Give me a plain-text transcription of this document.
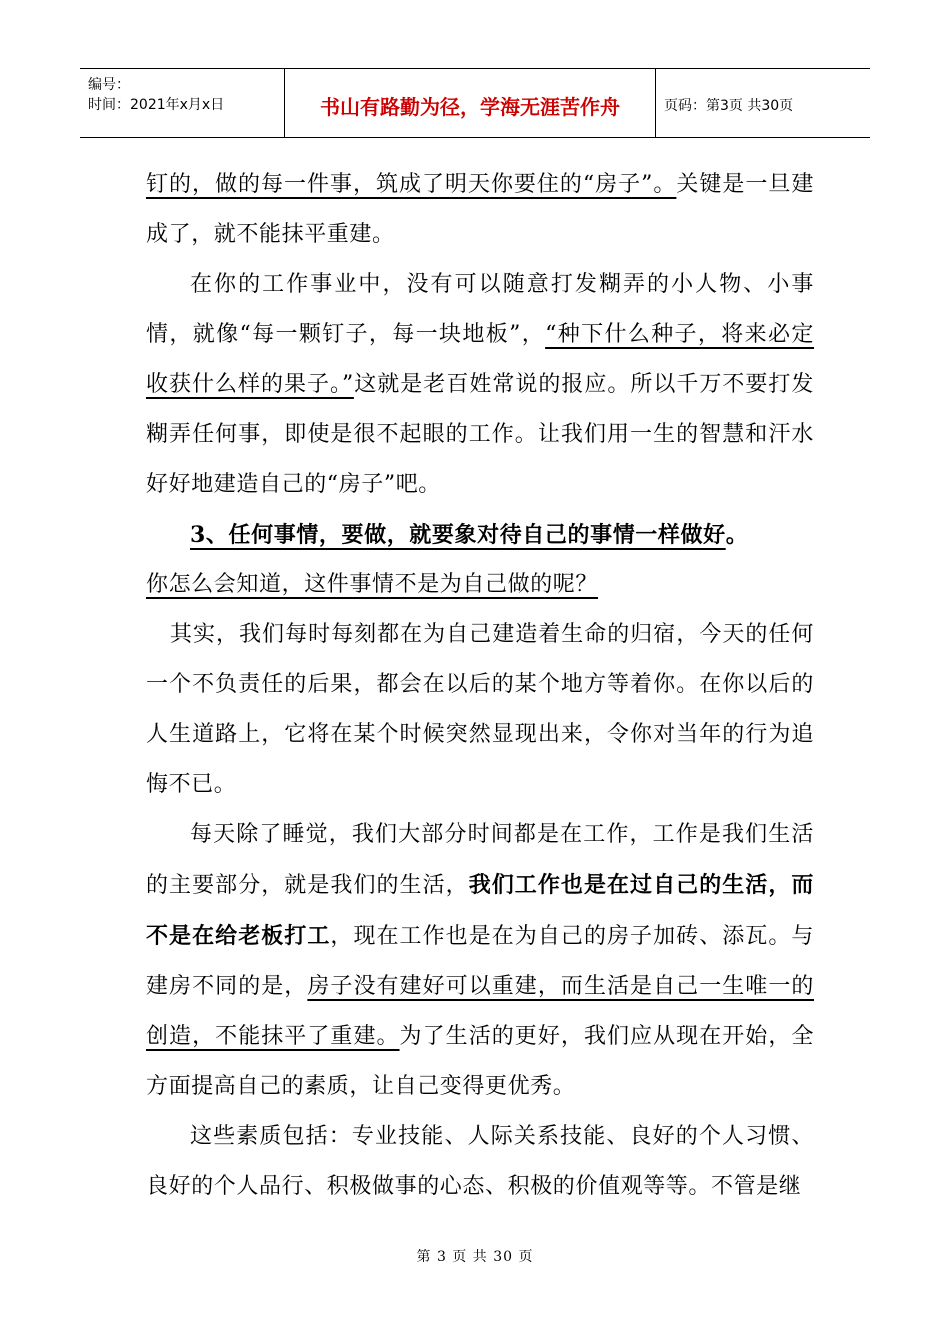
编号：
时间：2021年x月x日	书山有路勤为径，学海无涯苦作舟	页码：第3页 共30页

钉的，做的每一件事，筑成了明天你要住的“房子”。关键是一旦建成了，就不能抹平重建。

在你的工作事业中，没有可以随意打发糊弄的小人物、小事情，就像“每一颗钉子，每一块地板”，“种下什么种子，将来必定收获什么样的果子。”这就是老百姓常说的报应。所以千万不要打发糊弄任何事，即使是很不起眼的工作。让我们用一生的智慧和汗水好好地建造自己的“房子”吧。

3、任何事情，要做，就要象对待自己的事情一样做好。

你怎么会知道，这件事情不是为自己做的呢？

其实，我们每时每刻都在为自己建造着生命的归宿，今天的任何一个不负责任的后果，都会在以后的某个地方等着你。在你以后的人生道路上，它将在某个时候突然显现出来，令你对当年的行为追悔不已。

每天除了睡觉，我们大部分时间都是在工作，工作是我们生活的主要部分，就是我们的生活，我们工作也是在过自己的生活，而不是在给老板打工，现在工作也是在为自己的房子加砖、添瓦。与建房不同的是，房子没有建好可以重建，而生活是自己一生唯一的创造，不能抹平了重建。为了生活的更好，我们应从现在开始，全方面提高自己的素质，让自己变得更优秀。

这些素质包括：专业技能、人际关系技能、良好的个人习惯、良好的个人品行、积极做事的心态、积极的价值观等等。不管是继

第 3 页 共 30 页
